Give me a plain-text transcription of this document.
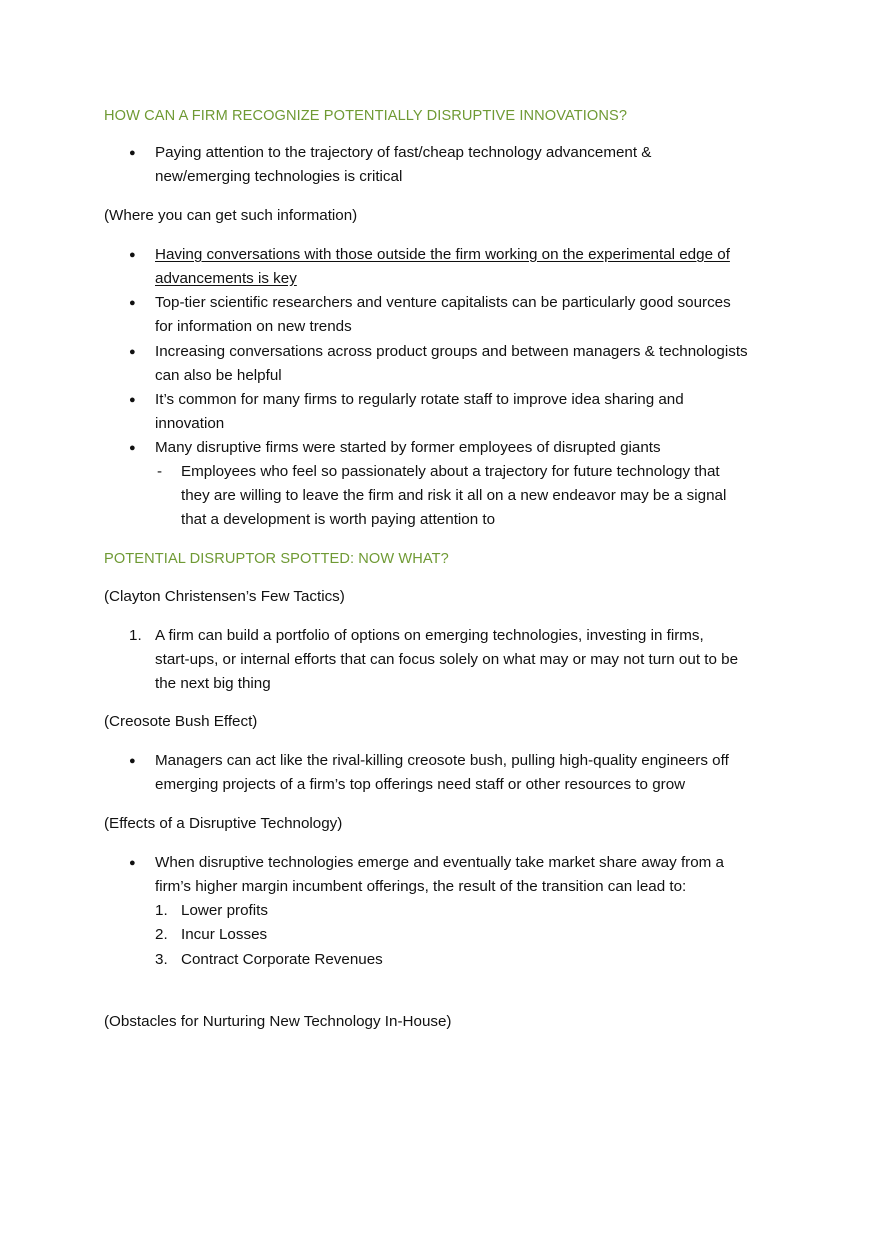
HOW CAN A FIRM RECOGNIZE POTENTIALLY DISRUPTIVE INNOVATIONS?
●	Paying attention to the trajectory of fast/cheap technology advancement &
new/emerging technologies is critical
(Where you can get such information)
●	Having conversations with those outside the firm working on the experimental edge of
advancements is key
●	Top-tier scientific researchers and venture capitalists can be particularly good sources
for information on new trends
●	Increasing conversations across product groups and between managers & technologists
can also be helpful
●	It’s common for many firms to regularly rotate staff to improve idea sharing and
innovation
●	Many disruptive firms were started by former employees of disrupted giants
-	Employees who feel so passionately about a trajectory for future technology that
they are willing to leave the firm and risk it all on a new endeavor may be a signal
that a development is worth paying attention to
POTENTIAL DISRUPTOR SPOTTED: NOW WHAT?
(Clayton Christensen’s Few Tactics)
1. A firm can build a portfolio of options on emerging technologies, investing in firms,
start-ups, or internal efforts that can focus solely on what may or may not turn out to be
the next big thing
(Creosote Bush Effect)
●	Managers can act like the rival-killing creosote bush, pulling high-quality engineers off
emerging projects of a firm’s top offerings need staff or other resources to grow
(Effects of a Disruptive Technology)
●	When disruptive technologies emerge and eventually take market share away from a
firm’s higher margin incumbent offerings, the result of the transition can lead to:
1. Lower profits
2. Incur Losses
3. Contract Corporate Revenues
(Obstacles for Nurturing New Technology In-House)
